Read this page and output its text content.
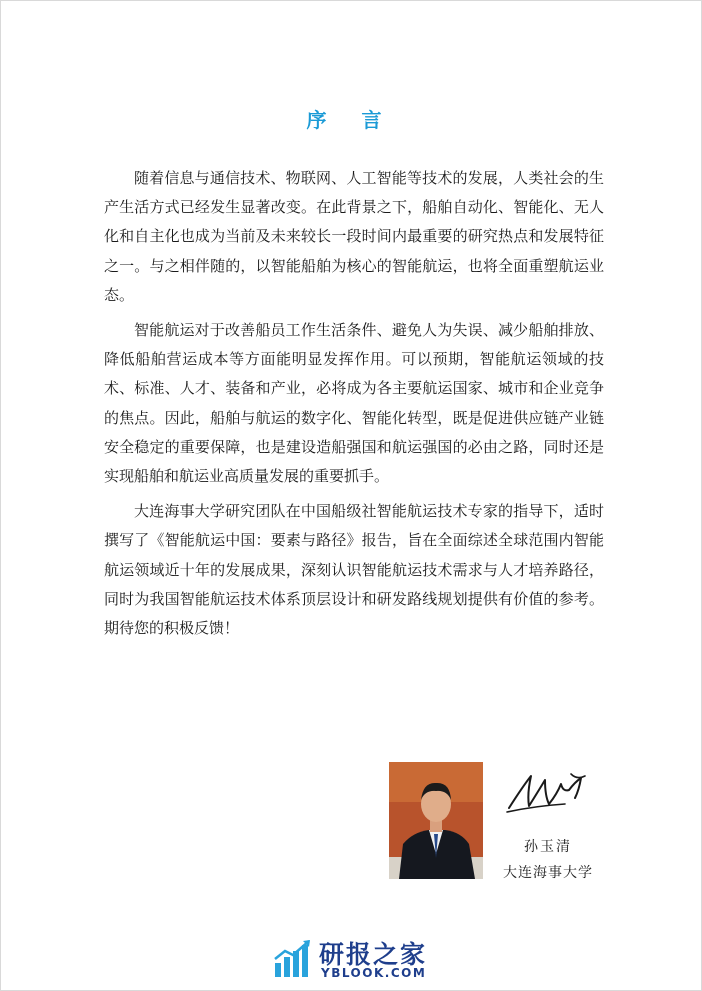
序 言

随着信息与通信技术、物联网、人工智能等技术的发展，人类社会的生产生活方式已经发生显著改变。在此背景之下，船舶自动化、智能化、无人化和自主化也成为当前及未来较长一段时间内最重要的研究热点和发展特征之一。与之相伴随的，以智能船舶为核心的智能航运，也将全面重塑航运业态。

智能航运对于改善船员工作生活条件、避免人为失误、减少船舶排放、降低船舶营运成本等方面能明显发挥作用。可以预期，智能航运领域的技术、标准、人才、装备和产业，必将成为各主要航运国家、城市和企业竞争的焦点。因此，船舶与航运的数字化、智能化转型，既是促进供应链产业链安全稳定的重要保障，也是建设造船强国和航运强国的必由之路，同时还是实现船舶和航运业高质量发展的重要抓手。

大连海事大学研究团队在中国船级社智能航运技术专家的指导下，适时撰写了《智能航运中国：要素与路径》报告，旨在全面综述全球范围内智能航运领域近十年的发展成果，深刻认识智能航运技术需求与人才培养路径，同时为我国智能航运技术体系顶层设计和研发路线规划提供有价值的参考。期待您的积极反馈！

孙玉清
大连海事大学
研报之家
YBLOOK.COM
